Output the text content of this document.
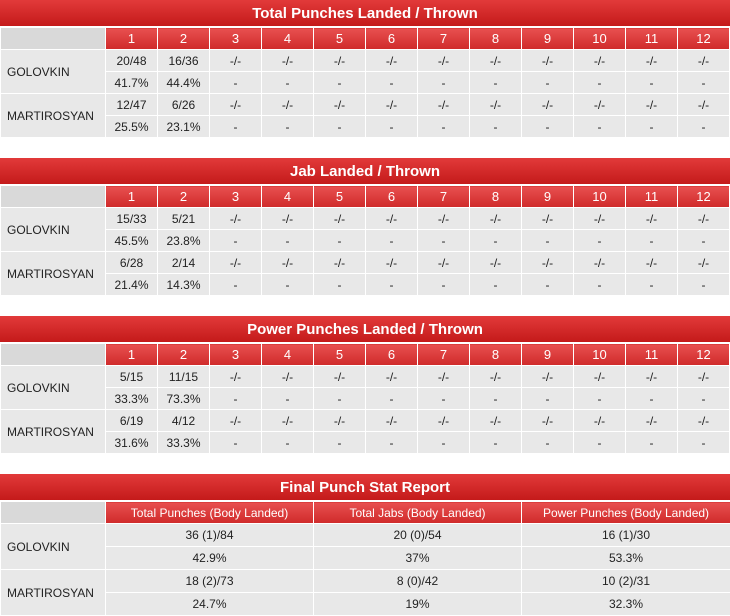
Total Punches Landed / Thrown
	1	2	3	4	5	6	7	8	9	10	11	12
GOLOVKIN	20/48	16/36	-/-	-/-	-/-	-/-	-/-	-/-	-/-	-/-	-/-	-/-
	41.7%	44.4%	-	-	-	-	-	-	-	-	-	-
MARTIROSYAN	12/47	6/26	-/-	-/-	-/-	-/-	-/-	-/-	-/-	-/-	-/-	-/-
	25.5%	23.1%	-	-	-	-	-	-	-	-	-	-
Jab Landed / Thrown
	1	2	3	4	5	6	7	8	9	10	11	12
GOLOVKIN	15/33	5/21	-/-	-/-	-/-	-/-	-/-	-/-	-/-	-/-	-/-	-/-
	45.5%	23.8%	-	-	-	-	-	-	-	-	-	-
MARTIROSYAN	6/28	2/14	-/-	-/-	-/-	-/-	-/-	-/-	-/-	-/-	-/-	-/-
	21.4%	14.3%	-	-	-	-	-	-	-	-	-	-
Power Punches Landed / Thrown
	1	2	3	4	5	6	7	8	9	10	11	12
GOLOVKIN	5/15	11/15	-/-	-/-	-/-	-/-	-/-	-/-	-/-	-/-	-/-	-/-
	33.3%	73.3%	-	-	-	-	-	-	-	-	-	-
MARTIROSYAN	6/19	4/12	-/-	-/-	-/-	-/-	-/-	-/-	-/-	-/-	-/-	-/-
	31.6%	33.3%	-	-	-	-	-	-	-	-	-	-
Final Punch Stat Report
	Total Punches (Body Landed)	Total Jabs (Body Landed)	Power Punches (Body Landed)
GOLOVKIN	36 (1)/84	20 (0)/54	16 (1)/30
	42.9%	37%	53.3%
MARTIROSYAN	18 (2)/73	8 (0)/42	10 (2)/31
	24.7%	19%	32.3%
